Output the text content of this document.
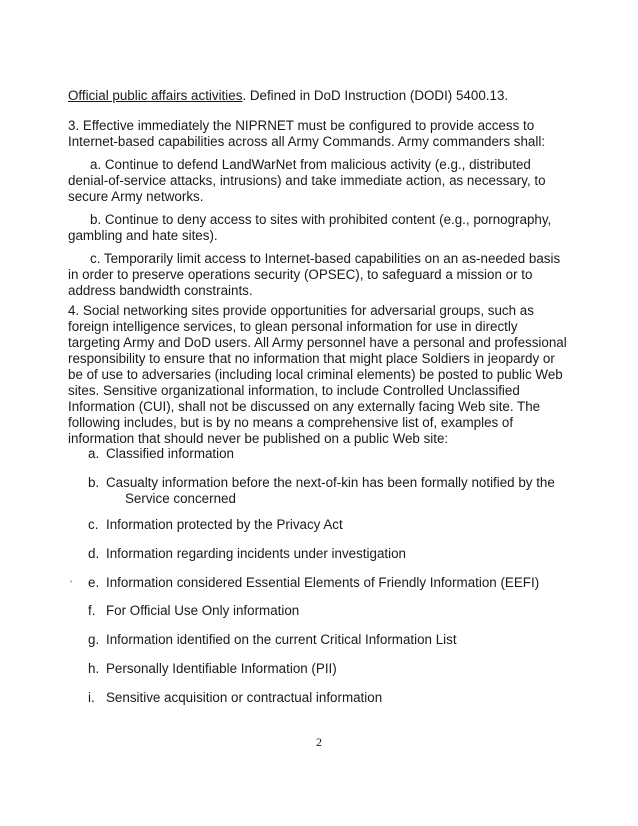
Official public affairs activities. Defined in DoD Instruction (DODI) 5400.13.

3. Effective immediately the NIPRNET must be configured to provide access to Internet-based capabilities across all Army Commands. Army commanders shall:

a. Continue to defend LandWarNet from malicious activity (e.g., distributed denial-of-service attacks, intrusions) and take immediate action, as necessary, to secure Army networks.

b. Continue to deny access to sites with prohibited content (e.g., pornography, gambling and hate sites).

c. Temporarily limit access to Internet-based capabilities on an as-needed basis in order to preserve operations security (OPSEC), to safeguard a mission or to address bandwidth constraints.

4. Social networking sites provide opportunities for adversarial groups, such as foreign intelligence services, to glean personal information for use in directly targeting Army and DoD users. All Army personnel have a personal and professional responsibility to ensure that no information that might place Soldiers in jeopardy or be of use to adversaries (including local criminal elements) be posted to public Web sites. Sensitive organizational information, to include Controlled Unclassified Information (CUI), shall not be discussed on any externally facing Web site. The following includes, but is by no means a comprehensive list of, examples of information that should never be published on a public Web site:

a. Classified information
b. Casualty information before the next-of-kin has been formally notified by the
Service concerned
c. Information protected by the Privacy Act
d. Information regarding incidents under investigation
’ e. Information considered Essential Elements of Friendly Information (EEFI)
f. For Official Use Only information
g. Information identified on the current Critical Information List
h. Personally Identifiable Information (PII)
i. Sensitive acquisition or contractual information
2
